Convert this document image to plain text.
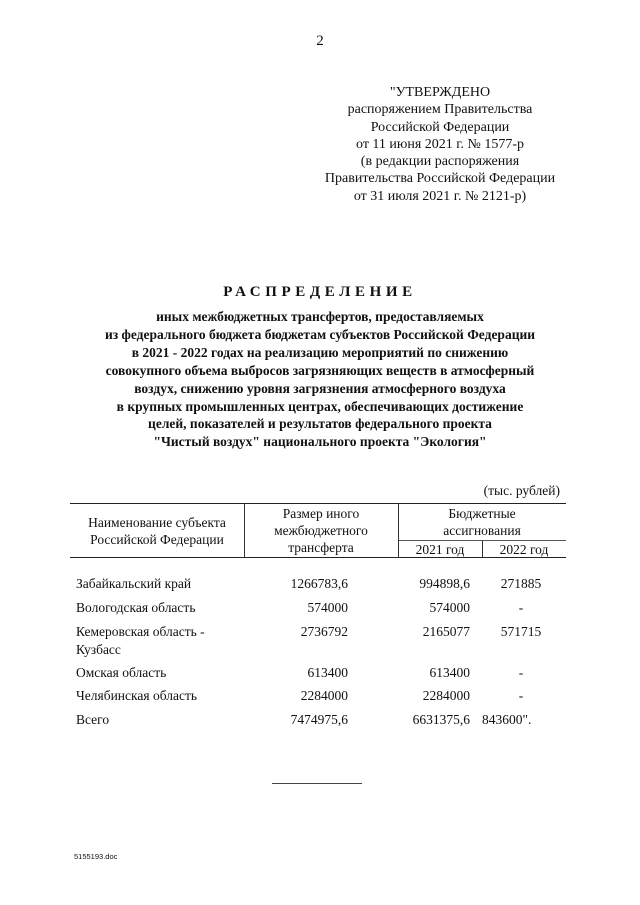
2
"УТВЕРЖДЕНО
распоряжением Правительства
Российской Федерации
от 11 июня 2021 г. № 1577-р
(в редакции распоряжения
Правительства Российской Федерации
от 31 июля 2021 г. № 2121-р)
РАСПРЕДЕЛЕНИЕ
иных межбюджетных трансфертов, предоставляемых
из федерального бюджета бюджетам субъектов Российской Федерации
в 2021 - 2022 годах на реализацию мероприятий по снижению
совокупного объема выбросов загрязняющих веществ в атмосферный
воздух, снижению уровня загрязнения атмосферного воздуха
в крупных промышленных центрах, обеспечивающих достижение
целей, показателей и результатов федерального проекта
"Чистый воздух" национального проекта "Экология"
(тыс. рублей)
Наименование субъекта
Российской Федерации
Размер иного
межбюджетного
трансферта
Бюджетные
ассигнования
2021 год	2022 год
Забайкальский край	1266783,6	994898,6	271885
Вологодская область	574000	574000	-
Кемеровская область -
Кузбасс
2736792	2165077	571715
Омская область	613400	613400	-
Челябинская область	2284000	2284000	-
Всего	7474975,6	6631375,6 843600".
5155193.doc
